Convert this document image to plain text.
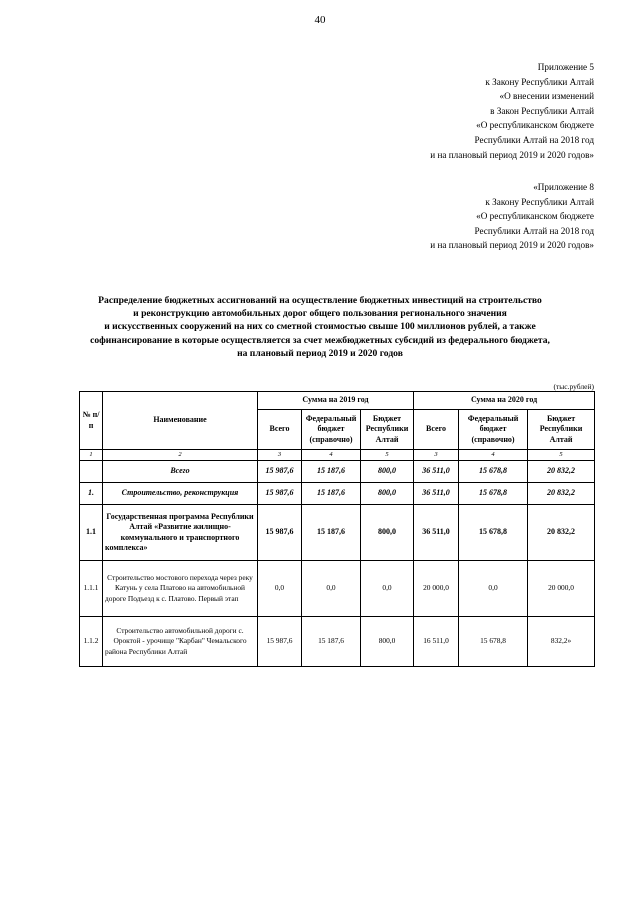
40
Приложение 5
к Закону Республики Алтай
«О внесении изменений
в Закон Республики Алтай
«О республиканском бюджете
Республики Алтай на 2018 год
и на плановый период 2019 и 2020 годов»
«Приложение 8
к Закону Республики Алтай
«О республиканском бюджете
Республики Алтай на 2018 год
и на плановый период 2019 и 2020 годов»
Распределение бюджетных ассигнований на осуществление бюджетных инвестиций на строительство
и реконструкцию автомобильных дорог общего пользования регионального значения
и искусственных сооружений на них со сметной стоимостью свыше 100 миллионов рублей, а также
софинансирование в которые осуществляется за счет межбюджетных субсидий из федерального бюджета,
на плановый период 2019 и 2020 годов
(тыс.рублей)
№ п/п	Наименование	Сумма на 2019 год			Сумма на 2020 год		
		Всего	Федеральный бюджет (справочно)	Бюджет Республики Алтай	Всего	Федеральный бюджет (справочно)	Бюджет Республики Алтай
1	2	3	4	5	3	4	5
	Всего	15 987,6	15 187,6	800,0	36 511,0	15 678,8	20 832,2
1.	Строительство, реконструкция	15 987,6	15 187,6	800,0	36 511,0	15 678,8	20 832,2
1.1	Государственная программа Республики Алтай «Развитие жилищно-коммунального и транспортного комплекса»	15 987,6	15 187,6	800,0	36 511,0	15 678,8	20 832,2
1.1.1	Строительство мостового перехода через реку Катунь у села Платово на автомобильной дороге Подъезд к с. Платово. Первый этап	0,0	0,0	0,0	20 000,0	0,0	20 000,0
1.1.2	Строительство автомобильной дороги с. Ороктой - урочище "Карбан" Чемальского района Республики Алтай	15 987,6	15 187,6	800,0	16 511,0	15 678,8	832,2»
